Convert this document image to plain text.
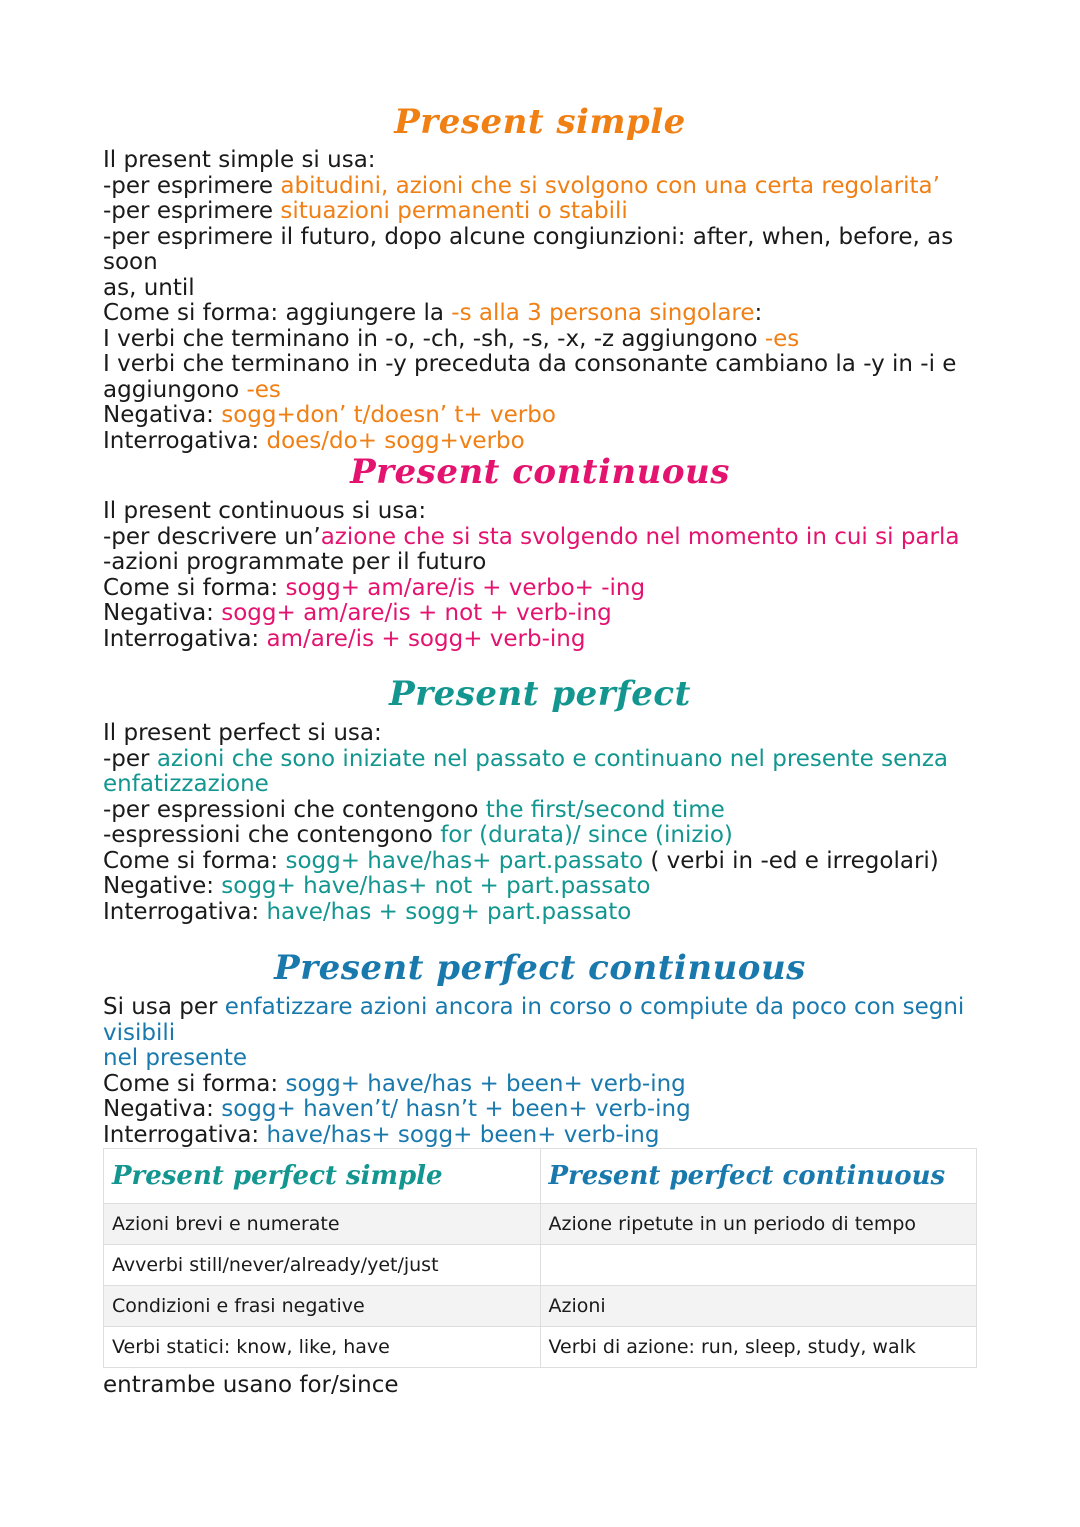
Present simple
Il present simple si usa:
-per esprimere abitudini, azioni che si svolgono con una certa regolarita’
-per esprimere situazioni permanenti o stabili
-per esprimere il futuro, dopo alcune congiunzioni: after, when, before, as soon
as, until
Come si forma: aggiungere la -s alla 3 persona singolare:
I verbi che terminano in -o, -ch, -sh, -s, -x, -z aggiungono -es
I verbi che terminano in -y preceduta da consonante cambiano la -y in -i e
aggiungono -es
Negativa: sogg+don’ t/doesn’ t+ verbo
Interrogativa: does/do+ sogg+verbo
Present continuous
Il present continuous si usa:
-per descrivere un’azione che si sta svolgendo nel momento in cui si parla
-azioni programmate per il futuro
Come si forma: sogg+ am/are/is + verbo+ -ing
Negativa: sogg+ am/are/is + not + verb-ing
Interrogativa: am/are/is + sogg+ verb-ing
Present perfect
Il present perfect si usa:
-per azioni che sono iniziate nel passato e continuano nel presente senza
enfatizzazione
-per espressioni che contengono the first/second time
-espressioni che contengono for (durata)/ since (inizio)
Come si forma: sogg+ have/has+ part.passato ( verbi in -ed e irregolari)
Negative: sogg+ have/has+ not + part.passato
Interrogativa: have/has + sogg+ part.passato
Present perfect continuous
Si usa per enfatizzare azioni ancora in corso o compiute da poco con segni visibili
nel presente
Come si forma: sogg+ have/has + been+ verb-ing
Negativa: sogg+ haven’t/ hasn’t + been+ verb-ing
Interrogativa: have/has+ sogg+ been+ verb-ing
Present perfect simple	Present perfect continuous
Azioni brevi e numerate	Azione ripetute in un periodo di tempo
Avverbi still/never/already/yet/just	
Condizioni e frasi negative	Azioni
Verbi statici: know, like, have	Verbi di azione: run, sleep, study, walk
entrambe usano for/since
